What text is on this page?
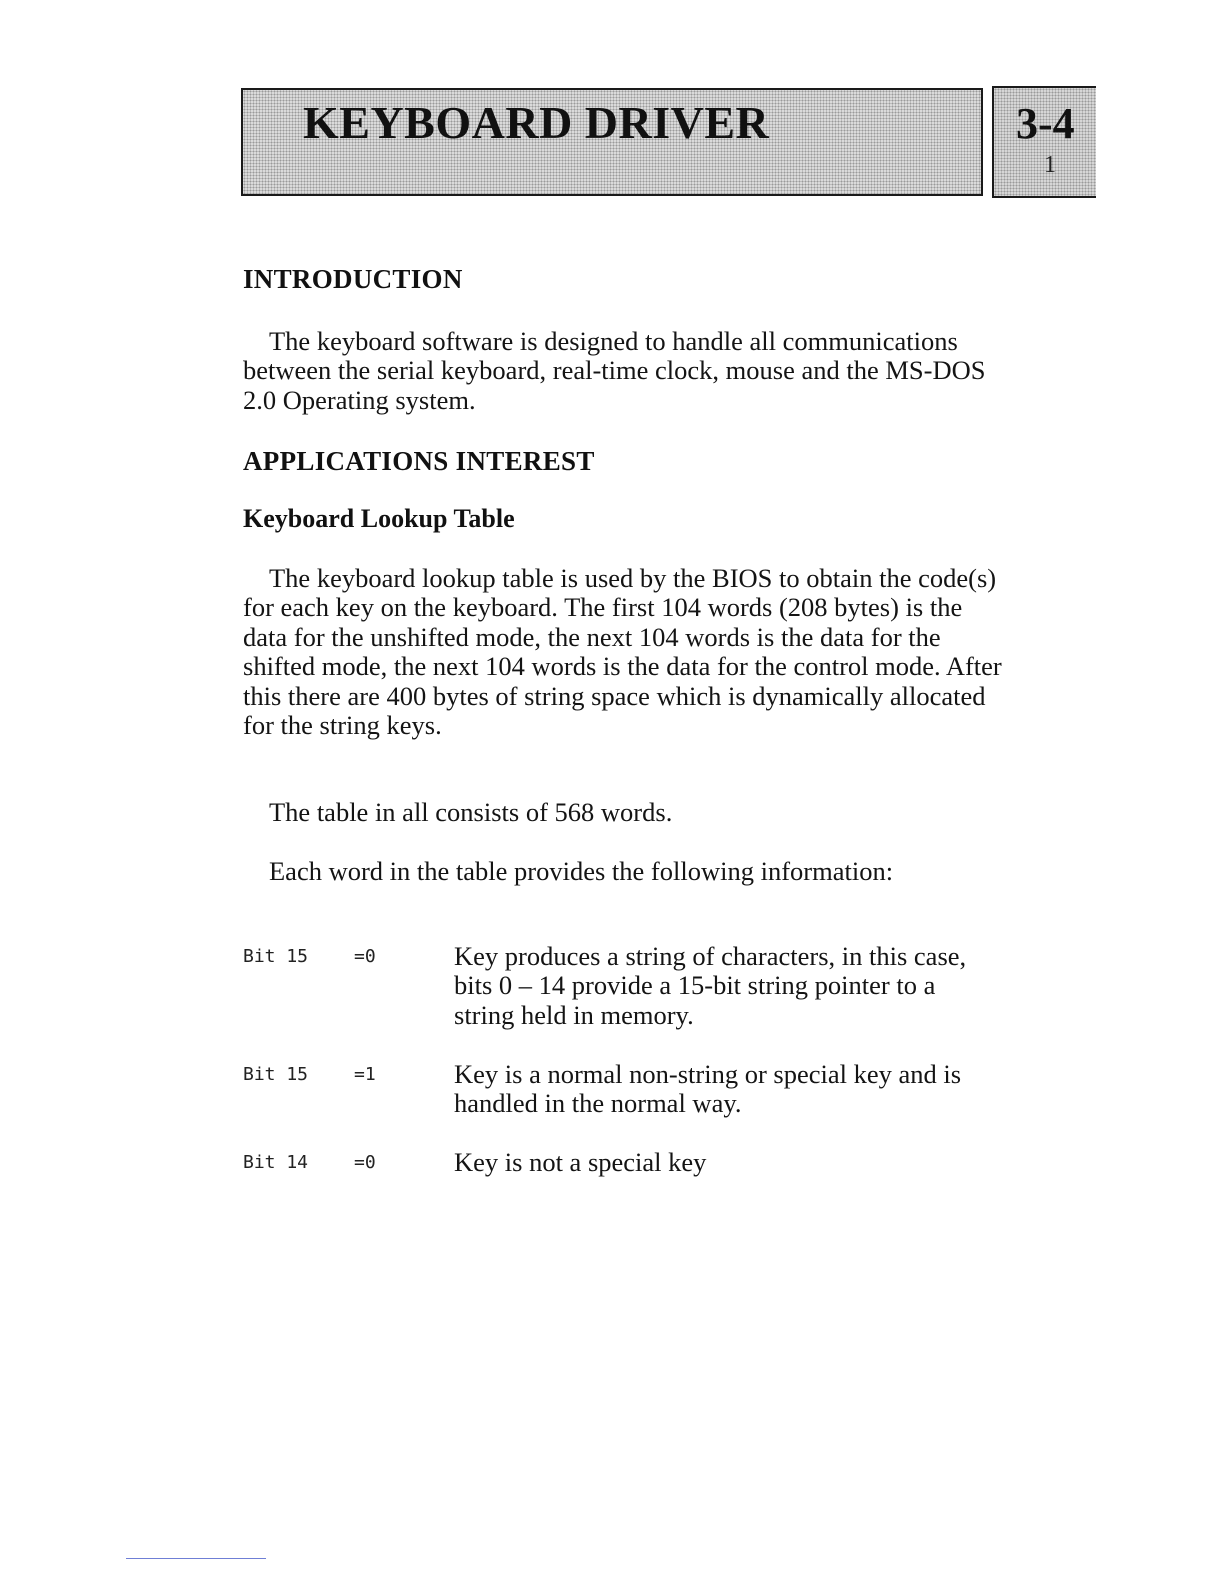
KEYBOARD DRIVER	3-4
1
INTRODUCTION

The keyboard software is designed to handle all communications between the serial keyboard, real-time clock, mouse and the MS-DOS 2.0 Operating system.

APPLICATIONS INTEREST
Keyboard Lookup Table

The keyboard lookup table is used by the BIOS to obtain the code(s) for each key on the keyboard. The first 104 words (208 bytes) is the data for the unshifted mode, the next 104 words is the data for the shifted mode, the next 104 words is the data for the control mode. After this there are 400 bytes of string space which is dynamically allocated for the string keys.

The table in all consists of 568 words.

Each word in the table provides the following information:

Bit 15	=0	Key produces a string of characters, in this case, bits 0 – 14 provide a 15-bit string pointer to a string held in memory.

Bit 15	=1	Key is a normal non-string or special key and is handled in the normal way.

Bit 14	=0	Key is not a special key
